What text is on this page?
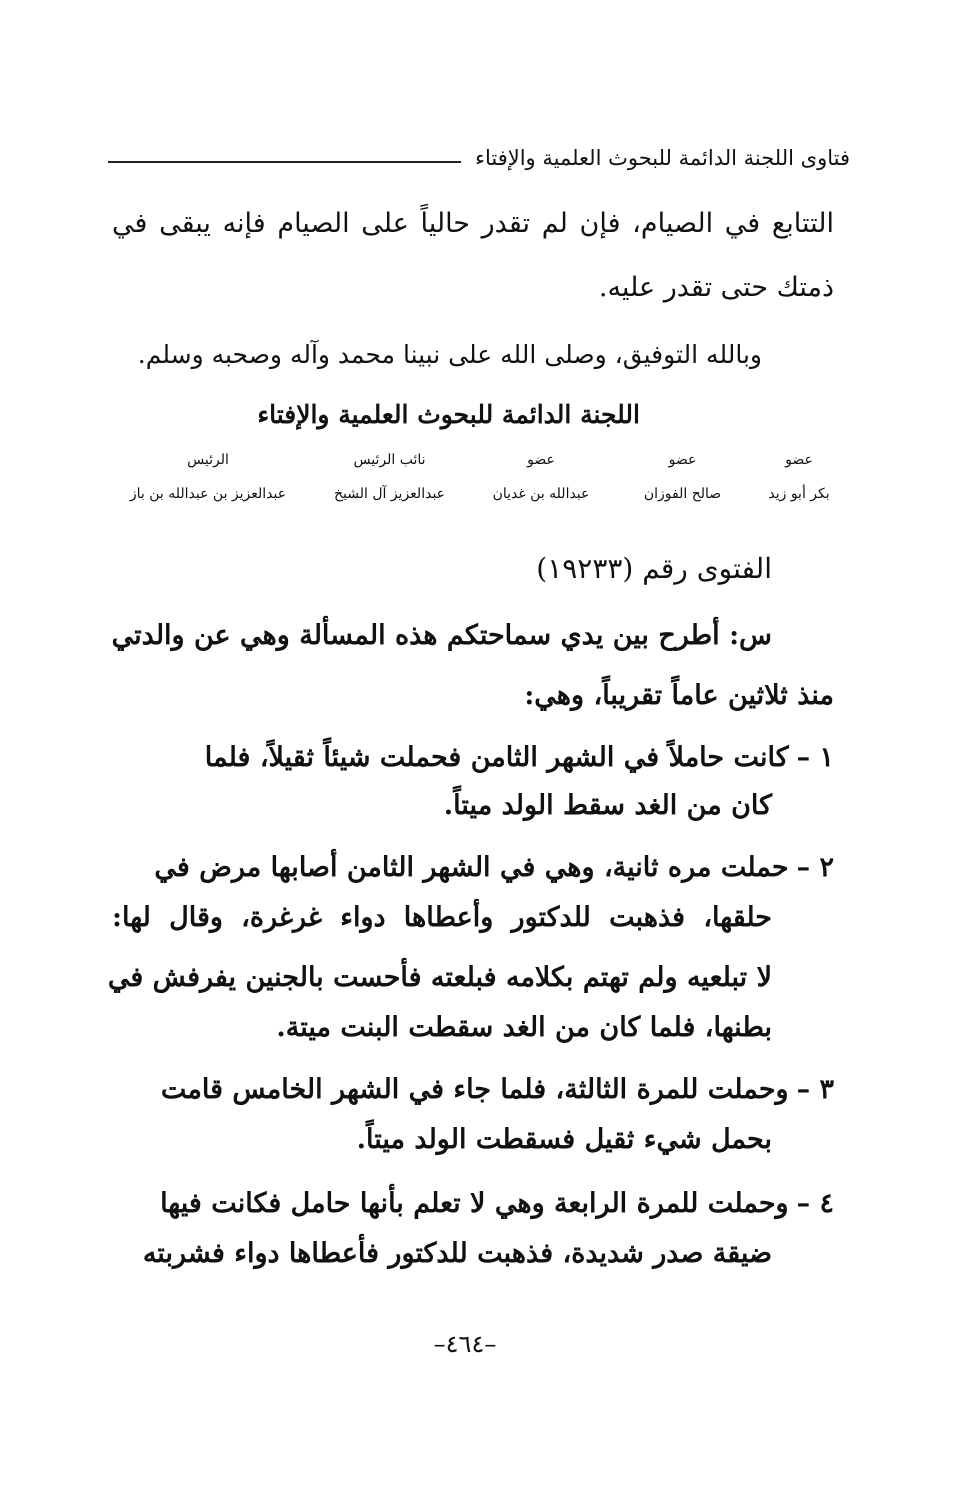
فتاوى اللجنة الدائمة للبحوث العلمية والإفتاء
التتابع في الصيام، فإن لم تقدر حالياً على الصيام فإنه يبقى في
ذمتك حتى تقدر عليه.
وبالله التوفيق، وصلى الله على نبينا محمد وآله وصحبه وسلم.
اللجنة الدائمة للبحوث العلمية والإفتاء
عضو
عضو
عضو
نائب الرئيس
الرئيس
بكر أبو زيد
صالح الفوزان
عبدالله بن غديان
عبدالعزيز آل الشيخ
عبدالعزيز بن عبدالله بن باز
الفتوى رقم (١٩٢٣٣)
س: أطرح بين يدي سماحتكم هذه المسألة وهي عن والدتي
منذ ثلاثين عاماً تقريباً، وهي:
١ – كانت حاملاً في الشهر الثامن فحملت شيئاً ثقيلاً، فلما
كان من الغد سقط الولد ميتاً.
٢ – حملت مره ثانية، وهي في الشهر الثامن أصابها مرض في
حلقها، فذهبت للدكتور وأعطاها دواء غرغرة، وقال لها:
لا تبلعيه ولم تهتم بكلامه فبلعته فأحست بالجنين يفرفش في
بطنها، فلما كان من الغد سقطت البنت ميتة.
٣ – وحملت للمرة الثالثة، فلما جاء في الشهر الخامس قامت
بحمل شيء ثقيل فسقطت الولد ميتاً.
٤ – وحملت للمرة الرابعة وهي لا تعلم بأنها حامل فكانت فيها
ضيقة صدر شديدة، فذهبت للدكتور فأعطاها دواء فشربته
–٤٦٤–
